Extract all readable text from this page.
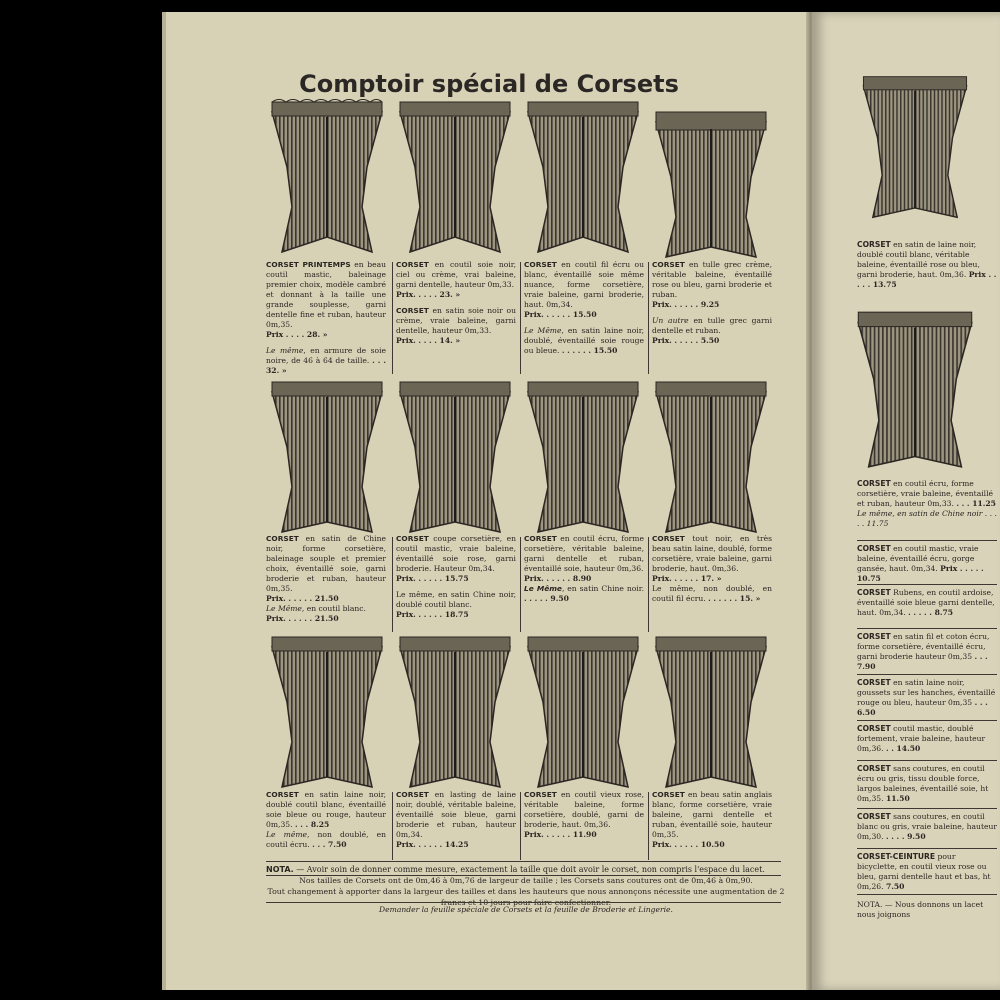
Comptoir spécial de Corsets
CORSET PRINTEMPS en beau coutil mastic, baleinage premier choix, modèle cambré et donnant à la taille une grande souplesse, garni dentelle fine et ruban, hauteur 0m,35.
Prix . . . . 28. »
Le même, en armure de soie noire, de 46 à 64 de taille. . . . 32. »
CORSET en coutil soie noir, ciel ou crème, vrai baleine, garni dentelle, hauteur 0m,33.
Prix. . . . . 23. »
CORSET en satin soie noir ou crème, vraie baleine, garni dentelle, hauteur 0m,33.
Prix. . . . . 14. »
CORSET en coutil fil écru ou blanc, éventaillé soie même nuance, forme corsetière, vraie baleine, garni broderie, haut. 0m,34.
Prix. . . . . . 15.50
Le Même, en satin laine noir, doublé, éventaillé soie rouge ou bleue. . . . . . . 15.50
CORSET en tulle grec crème, véritable baleine, éventaillé rose ou bleu, garni broderie et ruban.
Prix. . . . . . 9.25
Un autre en tulle grec garni dentelle et ruban.
Prix. . . . . . 5.50
CORSET en satin de Chine noir, forme corsetière, baleinage souple et premier choix, éventaillé soie, garni broderie et ruban, hauteur 0m,35.
Prix. . . . . . 21.50
Le Même, en coutil blanc.
Prix. . . . . . 21.50
CORSET coupe corsetière, en coutil mastic, vraie baleine, éventaillé soie rose, garni broderie. Hauteur 0m,34.
Prix. . . . . . 15.75
Le même, en satin Chine noir, doublé coutil blanc.
Prix. . . . . . 18.75
CORSET en coutil écru, forme corsetière, véritable baleine, garni dentelle et ruban, éventaillé soie, hauteur 0m,36.
Prix. . . . . . 8.90
Le Même, en satin Chine noir. . . . . . 9.50
CORSET tout noir, en très beau satin laine, doublé, forme corsetière, vraie baleine, garni broderie, haut. 0m,36.
Prix. . . . . . 17. »
Le même, non doublé, en coutil fil écru. . . . . . . 15. »
CORSET en satin laine noir, doublé coutil blanc, éventaillé soie bleue ou rouge, hauteur 0m,35. . . . 8.25
Le même, non doublé, en coutil écru. . . . 7.50
CORSET en lasting de laine noir, doublé, véritable baleine, éventaillé soie bleue, garni broderie et ruban, hauteur 0m,34.
Prix. . . . . . 14.25
CORSET en coutil vieux rose, véritable baleine, forme corsetière, doublé, garni de broderie, haut. 0m,36.
Prix. . . . . . 11.90
CORSET en beau satin anglais blanc, forme corsetière, vraie baleine, garni dentelle et ruban, éventaillé soie, hauteur 0m,35.
Prix. . . . . . 10.50
NOTA. — Avoir soin de donner comme mesure, exactement la taille que doit avoir le corset, non compris l'espace du lacet.
Nos tailles de Corsets ont de 0m,46 à 0m,76 de largeur de taille ; les Corsets sans coutures ont de 0m,46 à 0m,90.
Tout changement à apporter dans la largeur des tailles et dans les hauteurs que nous annonçons nécessite une augmentation de 2
Demander la feuille spéciale de Corsets et la feuille de Broderie et Lingerie.
CORSET en satin de laine noir, doublé coutil blanc, véritable baleine, éventaillé rose ou bleu, garni broderie, haut. 0m,36. Prix . . . . . 13.75
CORSET en coutil écru, forme corsetière, vraie baleine, éventaillé et ruban, hauteur 0m,33. . . . 11.25 Le même, en satin de Chine noir . . . . . 11.75
CORSET en coutil mastic, vraie baleine, éventaillé écru, gorge gansée, haut. 0m,34. Prix . . . . . 10.75
CORSET Rubens, en coutil ardoise, éventaillé soie bleue garni dentelle, haut. 0m,34. . . . . . 8.75
CORSET en satin fil et coton écru, forme corsetière, éventaillé écru, garni broderie hauteur 0m,35 . . . 7.90
CORSET en satin laine noir, goussets sur les hanches, éventaillé rouge ou bleu, hauteur 0m,35 . . . 6.50
CORSET coutil mastic, doublé fortement, vraie baleine, hauteur 0m,36. . . 14.50
CORSET sans coutures, en coutil écru ou gris, tissu double force, largos baleines, éventaillé soie, ht 0m,35. 11.50
CORSET sans coutures, en coutil blanc ou gris, vraie baleine, hauteur 0m,30. . . . . 9.50
CORSET-CEINTURE pour bicyclette, en coutil vieux rose ou bleu, garni dentelle haut et bas, ht 0m,26. 7.50
NOTA. — Nous donnons un lacet nous joignons
